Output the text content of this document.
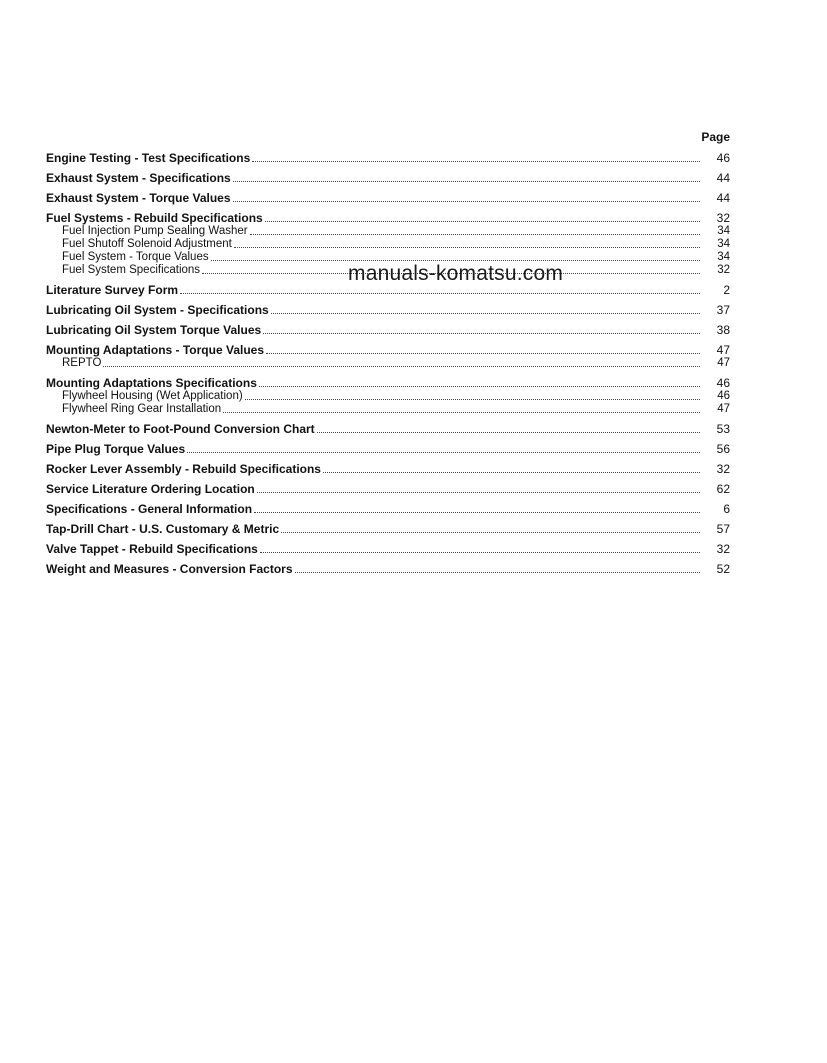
Page
Engine Testing - Test Specifications	46
Exhaust System - Specifications	44
Exhaust System - Torque Values	44
Fuel Systems - Rebuild Specifications	32
Fuel Injection Pump Sealing Washer	34
Fuel Shutoff Solenoid Adjustment	34
Fuel System - Torque Values	34
Fuel System Specifications	32
Literature Survey Form	2
Lubricating Oil System - Specifications	37
Lubricating Oil System Torque Values	38
Mounting Adaptations - Torque Values	47
REPTO	47
Mounting Adaptations Specifications	46
Flywheel Housing (Wet Application)	46
Flywheel Ring Gear Installation	47
Newton-Meter to Foot-Pound Conversion Chart	53
Pipe Plug Torque Values	56
Rocker Lever Assembly - Rebuild Specifications	32
Service Literature Ordering Location	62
Specifications - General Information	6
Tap-Drill Chart - U.S. Customary & Metric	57
Valve Tappet - Rebuild Specifications	32
Weight and Measures - Conversion Factors	52
manuals-komatsu.com
